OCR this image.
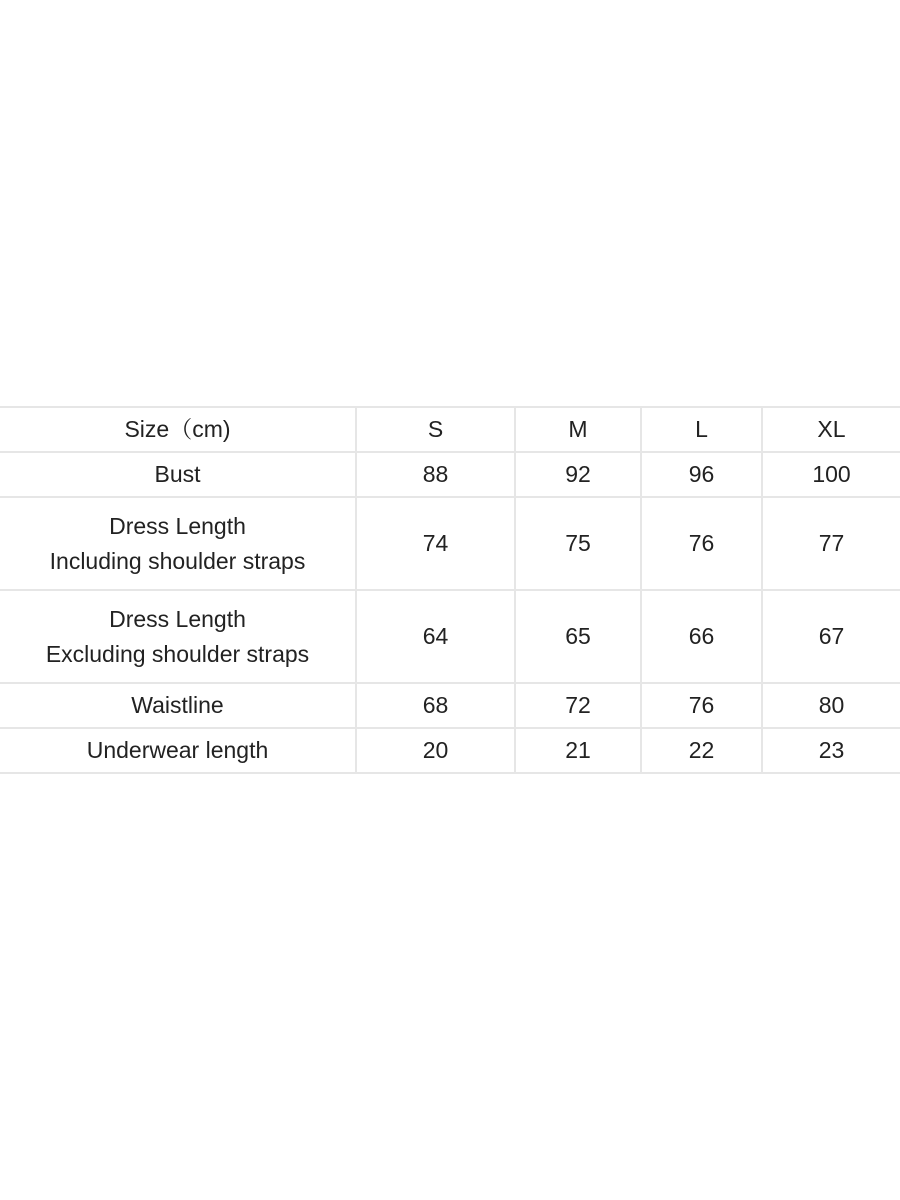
Size（cm)	S	M	L	XL
Bust	88	92	96	100

Dress Length
Including shoulder straps	74	75	76	77

Dress Length
Excluding shoulder straps	64	65	66	67
Waistline	68	72	76	80
Underwear length	20	21	22	23
